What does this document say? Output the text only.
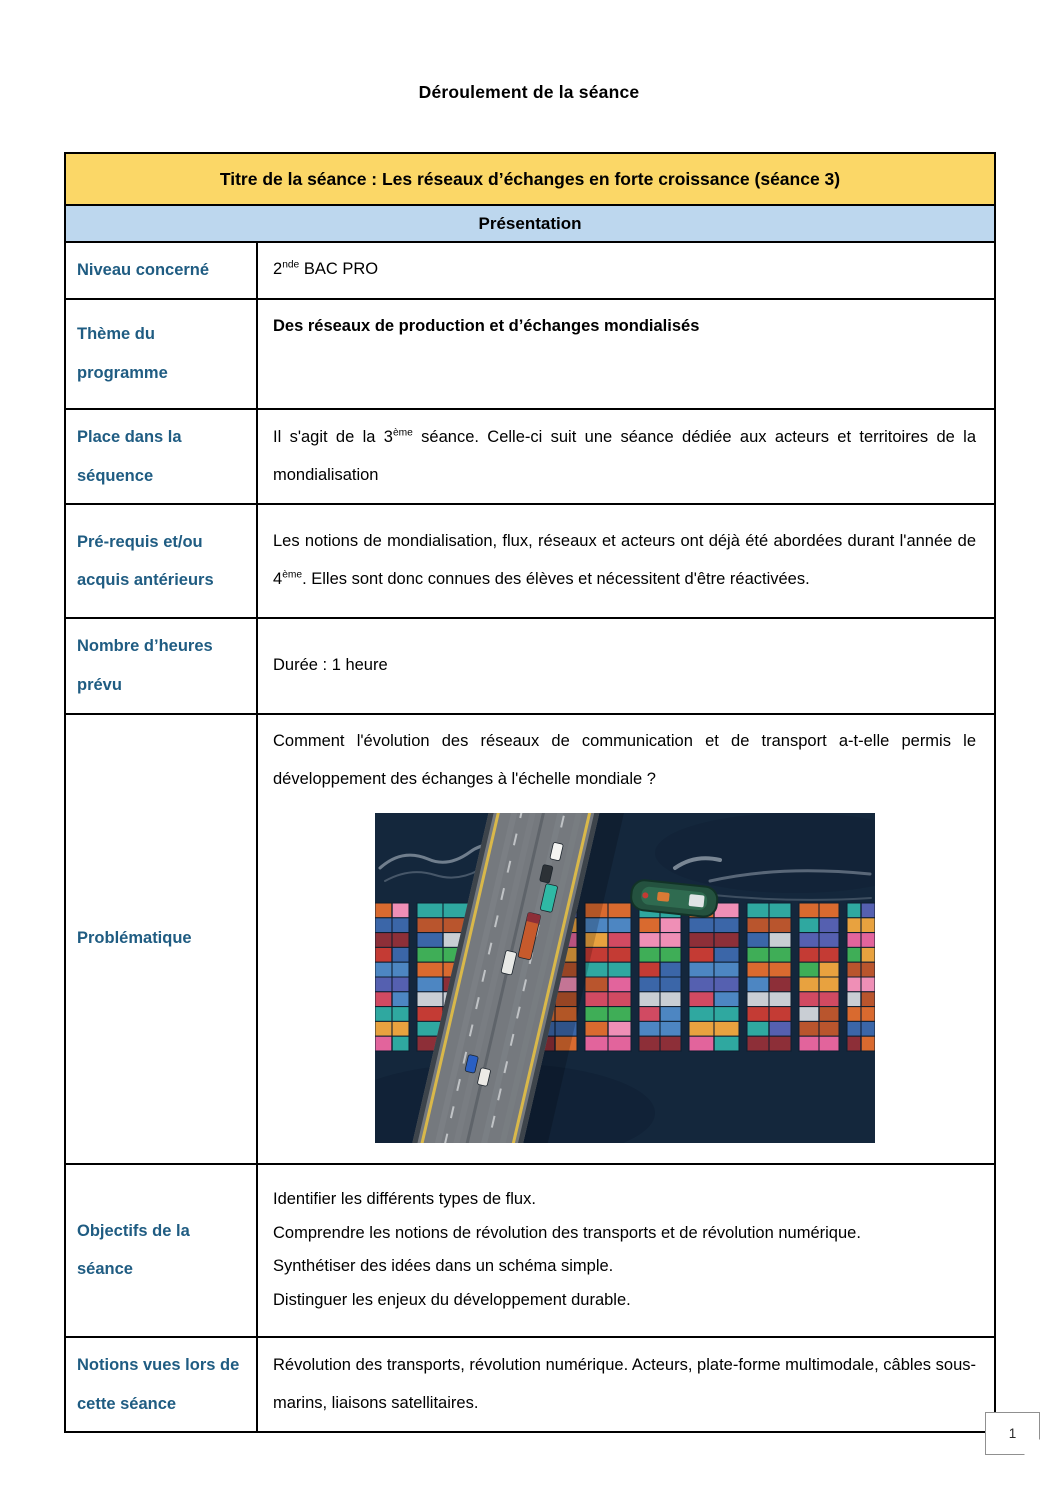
Déroulement de la séance
Titre de la séance : Les réseaux d’échanges en forte croissance (séance 3)
Présentation
Niveau concerné	2nde BAC PRO

Thème du programme

Des réseaux de production et d’échanges mondialisés

Place dans la séquence

Il s'agit de la 3ème séance. Celle-ci suit une séance dédiée aux acteurs et territoires de la mondialisation

Pré-requis et/ou acquis antérieurs

Les notions de mondialisation, flux, réseaux et acteurs ont déjà été abordées durant l'année de 4ème. Elles sont donc connues des élèves et nécessitent d'être réactivées.

Nombre d’heures prévu

Durée : 1 heure

Problématique

Comment l'évolution des réseaux de communication et de transport a-t-elle permis le développement des échanges à l'échelle mondiale ?

Objectifs de la séance

Identifier les différents types de flux.

Comprendre les notions de révolution des transports et de révolution numérique.

Synthétiser des idées dans un schéma simple.

Distinguer les enjeux du développement durable.

Notions vues lors de cette séance

Révolution des transports, révolution numérique. Acteurs, plate-forme multimodale, câbles sous-marins, liaisons satellitaires.

1
